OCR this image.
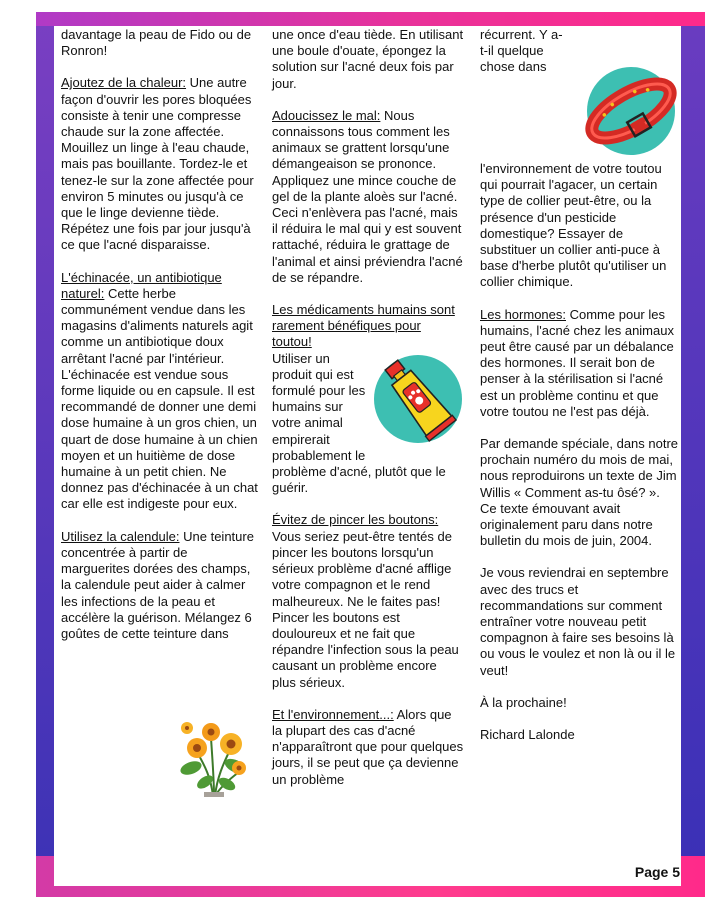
davantage la peau de Fido ou de Ronron!

Ajoutez de la chaleur: Une autre façon d'ouvrir les pores bloquées consiste à tenir une compresse chaude sur la zone affectée. Mouillez un linge à l'eau chaude, mais pas bouillante. Tordez-le et tenez-le sur la zone affectée pour environ 5 minutes ou jusqu'à ce que le linge devienne tiède. Répétez une fois par jour jusqu'à ce que l'acné disparaisse.

L'échinacée, un antibiotique naturel: Cette herbe communément vendue dans les magasins d'aliments naturels agit comme un antibiotique doux arrêtant l'acné par l'intérieur. L'échinacée est vendue sous forme liquide ou en capsule. Il est recommandé de donner une demi dose humaine à un gros chien, un quart de dose humaine à un chien moyen et un huitième de dose humaine à un petit chien. Ne donnez pas d'échinacée à un chat car elle est indigeste pour eux.

Utilisez la calendule: Une teinture concentrée à partir de marguerites dorées des champs, la calendule peut aider à calmer les infections de la peau et accélère la guérison. Mélangez 6 goûtes de cette teinture dans

une once d'eau tiède. En utilisant une boule d'ouate, épongez la solution sur l'acné deux fois par jour.

Adoucissez le mal: Nous connaissons tous comment les animaux se grattent lorsqu'une démangeaison se prononce. Appliquez une mince couche de gel de la plante aloès sur l'acné. Ceci n'enlèvera pas l'acné, mais il réduira le mal qui y est souvent rattaché, réduira le grattage de l'animal et ainsi préviendra l'acné de se répandre.

Les médicaments humains sont rarement bénéfiques pour toutou!
Utiliser un produit qui est formulé pour les humains sur votre animal empirerait probablement le problème d'acné, plutôt que le guérir.

Évitez de pincer les boutons: Vous seriez peut-être tentés de pincer les boutons lorsqu'un sérieux problème d'acné afflige votre compagnon et le rend malheureux. Ne le faites pas! Pincer les boutons est douloureux et ne fait que répandre l'infection sous la peau causant un problème encore plus sérieux.

Et l'environnement...: Alors que la plupart des cas d'acné n'apparaîtront que pour quelques jours, il se peut que ça devienne un problème

récurrent. Y a-t-il quelque chose dans l'environnement de votre toutou qui pourrait l'agacer, un certain type de collier peut-être, ou la présence d'un pesticide domestique? Essayer de substituer un collier anti-puce à base d'herbe plutôt qu'utiliser un collier chimique.

Les hormones: Comme pour les humains, l'acné chez les animaux peut être causé par un débalance des hormones. Il serait bon de penser à la stérilisation si l'acné est un problème continu et que votre toutou ne l'est pas déjà.

Par demande spéciale, dans notre prochain numéro du mois de mai, nous reproduirons un texte de Jim Willis « Comment as-tu ôsé? ». Ce texte émouvant avait originalement paru dans notre bulletin du mois de juin, 2004.

Je vous reviendrai en septembre avec des trucs et recommandations sur comment entraîner votre nouveau petit compagnon à faire ses besoins là ou vous le voulez et non là ou il le veut!

À la prochaine!

Richard Lalonde

Page 5
